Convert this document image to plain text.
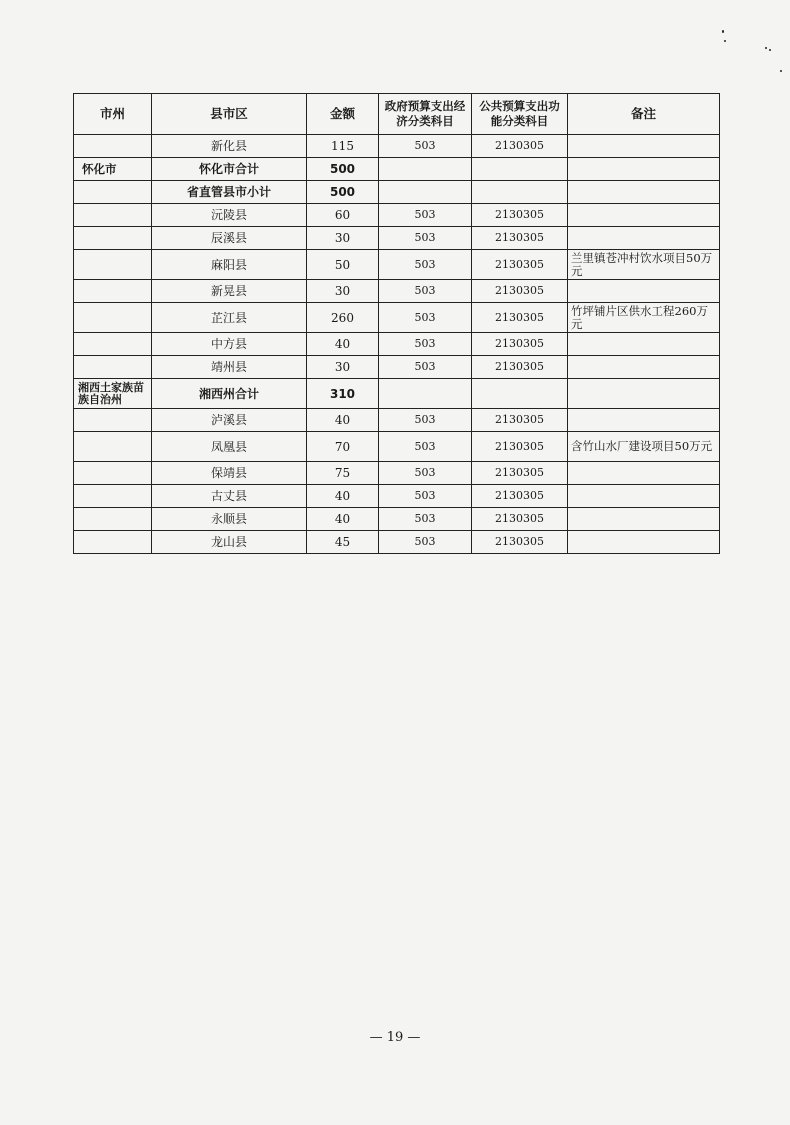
市州	县市区	金额	政府预算支出经济分类科目	公共预算支出功能分类科目	备注
	新化县	115	503	2130305	
怀化市	怀化市合计	500			
	省直管县市小计	500			
	沅陵县	60	503	2130305	
	辰溪县	30	503	2130305	
	麻阳县	50	503	2130305	兰里镇苍冲村饮水项目50万元
	新晃县	30	503	2130305	
	芷江县	260	503	2130305	竹坪铺片区供水工程260万元
	中方县	40	503	2130305	
	靖州县	30	503	2130305	
湘西土家族苗族自治州	湘西州合计	310			
	泸溪县	40	503	2130305	
	凤凰县	70	503	2130305	含竹山水厂建设项目50万元
	保靖县	75	503	2130305	
	古丈县	40	503	2130305	
	永顺县	40	503	2130305	
	龙山县	45	503	2130305	
— 19 —
